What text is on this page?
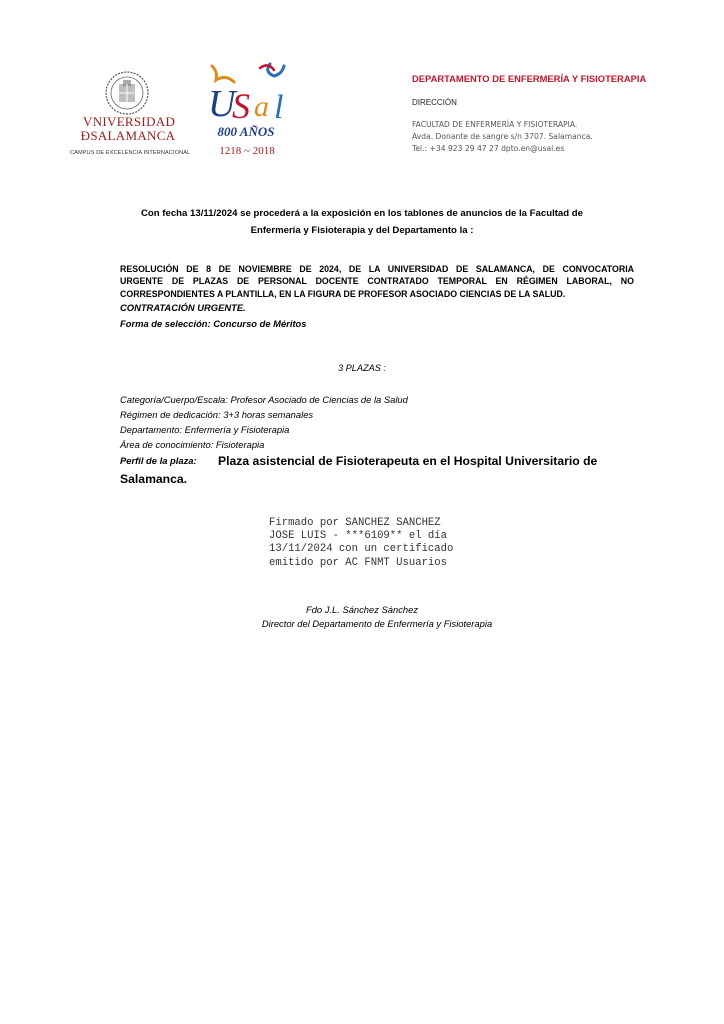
VNIVERSIDAD
ÐSALAMANCA
CAMPUS DE EXCELENCIA INTERNACIONAL
U
S a l
800 AÑOS
1218 ~ 2018
DEPARTAMENTO DE ENFERMERÍA Y FISIOTERAPIA
DIRECCIÓN
FACULTAD DE ENFERMERÍA Y FISIOTERAPIA.
Avda. Donante de sangre s/n 3707. Salamanca.
Tel.: +34 923 29 47 27 dpto.en@usal.es
Con fecha 13/11/2024 se procederá a la exposición en los tablones de anuncios de la Facultad de
Enfermería y Fisioterapia y del Departamento la :
RESOLUCIÓN DE 8 DE NOVIEMBRE DE 2024, DE LA UNIVERSIDAD DE SALAMANCA, DE CONVOCATORIA
URGENTE DE PLAZAS DE PERSONAL DOCENTE CONTRATADO TEMPORAL EN RÉGIMEN LABORAL, NO
CORRESPONDIENTES A PLANTILLA, EN LA FIGURA DE PROFESOR ASOCIADO CIENCIAS DE LA SALUD.
CONTRATACIÓN URGENTE.
Forma de selección: Concurso de Méritos
3 PLAZAS :
Categoría/Cuerpo/Escala: Profesor Asociado de Ciencias de la Salud
Régimen de dedicación: 3+3 horas semanales
Departamento: Enfermería y Fisioterapia
Área de conocimiento: Fisioterapia
Perfil de la plaza:	Plaza asistencial de Fisioterapeuta en el Hospital Universitario de Salamanca.
Firmado por SANCHEZ SANCHEZ
JOSE LUIS - ***6109** el día
13/11/2024 con un certificado
emitido por AC FNMT Usuarios
Fdo J.L. Sánchez Sánchez
Director del Departamento de Enfermería y Fisioterapia
